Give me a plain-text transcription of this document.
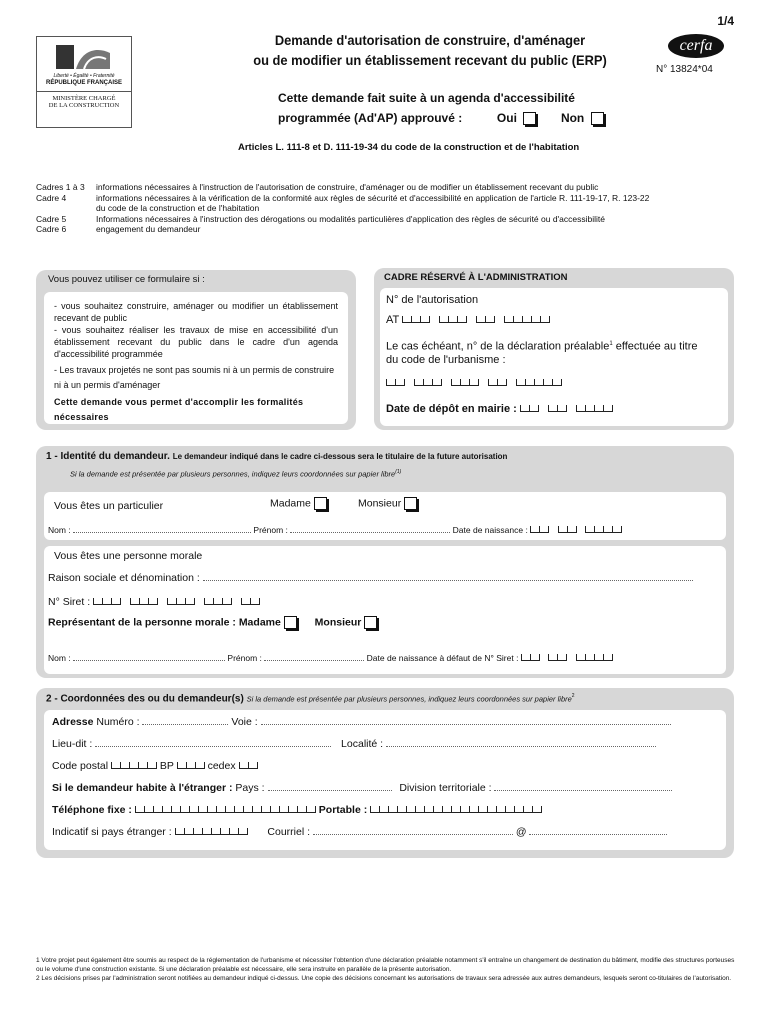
1/4
Liberté • Égalité • Fraternité
RÉPUBLIQUE FRANÇAISE
MINISTÈRE CHARGÉ
DE LA CONSTRUCTION
Demande d'autorisation de construire, d'aménager
ou de modifier un établissement recevant du public (ERP)
cerfa
N° 13824*04
Cette demande fait suite à un agenda d'accessibilité
programmée (Ad'AP) approuvé :	Oui	Non
Articles L. 111-8 et D. 111-19-34 du code de la construction et de l'habitation
Cadres 1 à 3 informations nécessaires à l'instruction de l'autorisation de construire, d'aménager ou de modifier un établissement recevant du public
Cadre 4	informations nécessaires à la vérification de la conformité aux règles de sécurité et d'accessibilité en application de l'article R. 111-19-17, R. 123-22
du code de la construction et de l'habitation
Cadre 5	Informations nécessaires à l'instruction des dérogations ou modalités particulières d'application des règles de sécurité ou d'accessibilité
Cadre 6	engagement du demandeur
Vous pouvez utiliser ce formulaire si :
- vous souhaitez construire, aménager ou modifier un établissement recevant de public
- vous souhaitez réaliser les travaux de mise en accessibilité d'un établissement recevant du public dans le cadre d'un agenda d'accessibilité programmée
- Les travaux projetés ne sont pas soumis ni à un permis de construire ni à un permis d'aménager
Cette demande vous permet d'accomplir les formalités nécessaires
CADRE RÉSERVÉ À L'ADMINISTRATION
N° de l'autorisation
AT
Le cas échéant, n° de la déclaration préalable$^1$ effectuée au titre
du code de l'urbanisme :

Date de dépôt en mairie :
1 - Identité du demandeur. Le demandeur indiqué dans le cadre ci-dessous sera le titulaire de la future autorisation
Si la demande est présentée par plusieurs personnes, indiquez leurs coordonnées sur papier libre$^{(1)}$
Vous êtes un particulier	Madame	Monsieur
Nom :	Prénom :	Date de naissance :
Vous êtes une personne morale
Raison sociale et dénomination :
N° Siret :
Représentant de la personne morale : Madame	Monsieur
Nom :	Prénom :	Date de naissance à défaut de N° Siret :
2 - Coordonnées des ou du demandeur(s) Si la demande est présentée par plusieurs personnes, indiquez leurs coordonnées sur papier libre$^2$
Adresse Numéro :	Voie :
Lieu-dit :	Localité :
Code postal	BP	cedex
Si le demandeur habite à l'étranger : Pays :	Division territoriale :
Téléphone fixe :	Portable :
Indicatif si pays étranger :	Courriel :	@
1 Votre projet peut également être soumis au respect de la réglementation de l'urbanisme et nécessiter l'obtention d'une déclaration préalable notamment s'il entraîne un changement de destination du bâtiment, modifie des structures porteuses ou le volume d'une construction existante. Si une déclaration préalable est nécessaire, elle sera instruite en parallèle de la présente autorisation.
2 Les décisions prises par l'administration seront notifiées au demandeur indiqué ci-dessus. Une copie des décisions concernant les autorisations de travaux sera adressée aux autres demandeurs, lesquels seront co-titulaires de l'autorisation.
